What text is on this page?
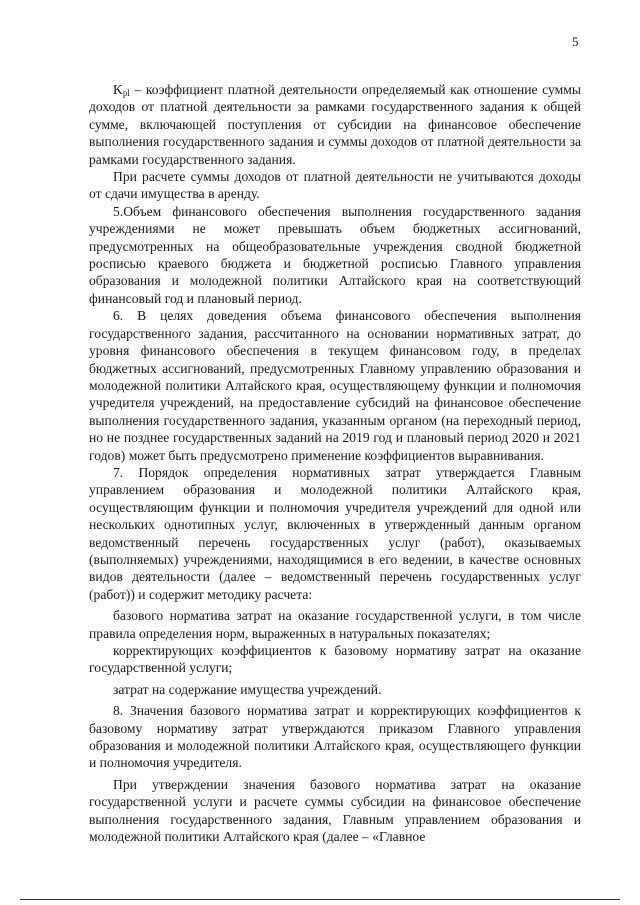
5

$K_{pl}$ – коэффициент платной деятельности определяемый как отношение суммы доходов от платной деятельности за рамками государственного задания к общей сумме, включающей поступления от субсидии на финансовое обеспечение выполнения государственного задания и суммы доходов от платной деятельности за рамками государственного задания.

При расчете суммы доходов от платной деятельности не учитываются доходы от сдачи имущества в аренду.

5.Объем финансового обеспечения выполнения государственного задания учреждениями не может превышать объем бюджетных ассигнований, предусмотренных на общеобразовательные учреждения сводной бюджетной росписью краевого бюджета и бюджетной росписью Главного управления образования и молодежной политики Алтайского края на соответствующий финансовый год и плановый период.

6. В целях доведения объема финансового обеспечения выполнения государственного задания, рассчитанного на основании нормативных затрат, до уровня финансового обеспечения в текущем финансовом году, в пределах бюджетных ассигнований, предусмотренных Главному управлению образования и молодежной политики Алтайского края, осуществляющему функции и полномочия учредителя учреждений, на предоставление субсидий на финансовое обеспечение выполнения государственного задания, указанным органом (на переходный период, но не позднее государственных заданий на 2019 год и плановый период 2020 и 2021 годов) может быть предусмотрено применение коэффициентов выравнивания.

7. Порядок определения нормативных затрат утверждается Главным управлением образования и молодежной политики Алтайского края, осуществляющим функции и полномочия учредителя учреждений для одной или нескольких однотипных услуг, включенных в утвержденный данным органом ведомственный перечень государственных услуг (работ), оказываемых (выполняемых) учреждениями, находящимися в его ведении, в качестве основных видов деятельности (далее – ведомственный перечень государственных услуг (работ)) и содержит методику расчета:

базового норматива затрат на оказание государственной услуги, в том числе правила определения норм, выраженных в натуральных показателях;

корректирующих коэффициентов к базовому нормативу затрат на оказание государственной услуги;

затрат на содержание имущества учреждений.

8. Значения базового норматива затрат и корректирующих коэффициентов к базовому нормативу затрат утверждаются приказом Главного управления образования и молодежной политики Алтайского края, осуществляющего функции и полномочия учредителя.

При утверждении значения базового норматива затрат на оказание государственной услуги и расчете суммы субсидии на финансовое обеспечение выполнения государственного задания, Главным управлением образования и молодежной политики Алтайского края (далее – «Главное
